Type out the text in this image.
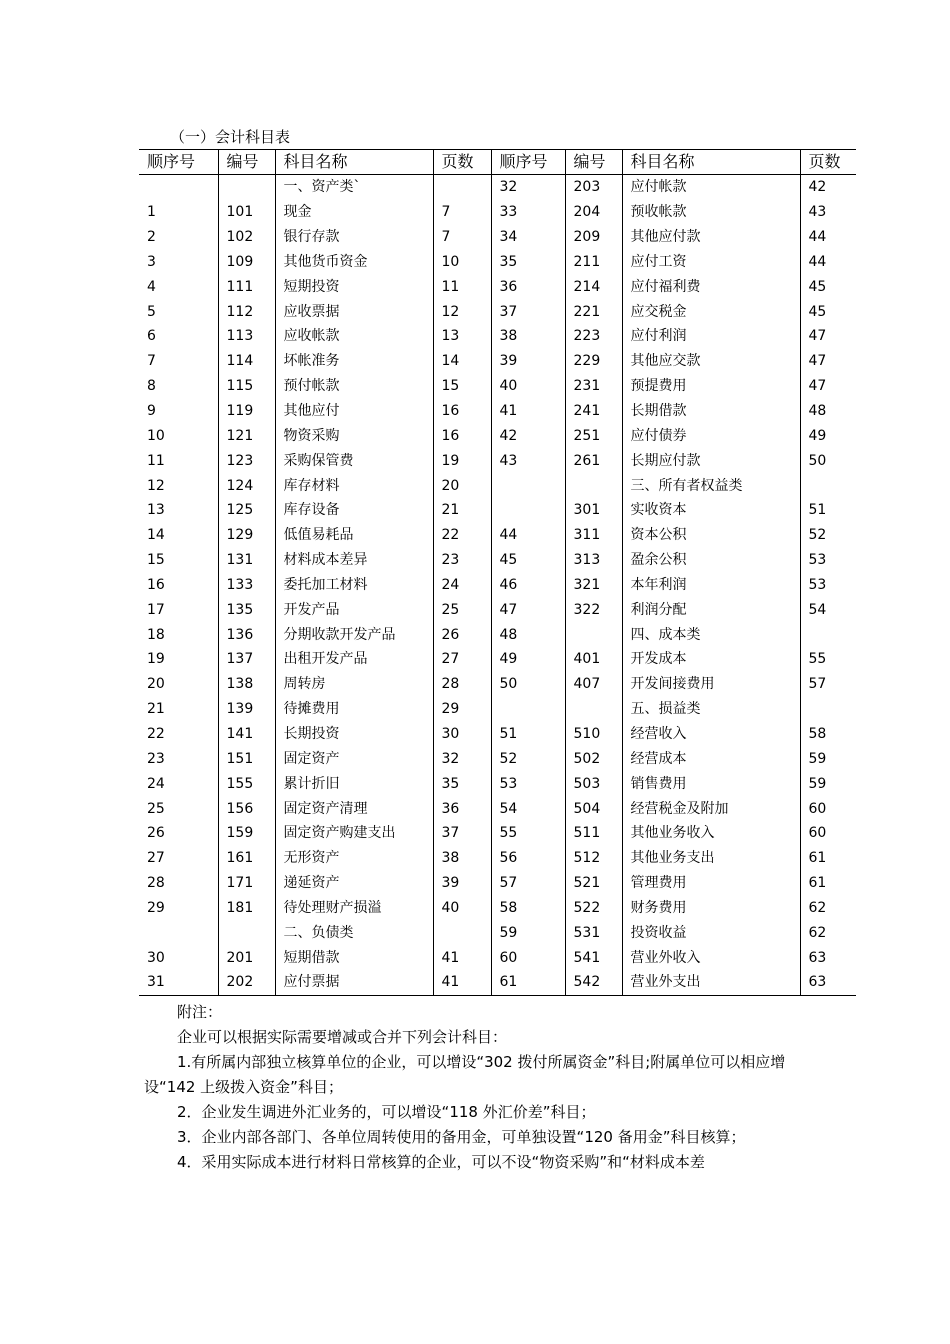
（一）会计科目表
顺序号	编号	科目名称	页数	顺序号	编号	科目名称	页数
		一、资产类`		32	203	应付帐款	42
1	101	现金	7	33	204	预收帐款	43
2	102	银行存款	7	34	209	其他应付款	44
3	109	其他货币资金	10	35	211	应付工资	44
4	111	短期投资	11	36	214	应付福利费	45
5	112	应收票据	12	37	221	应交税金	45
6	113	应收帐款	13	38	223	应付利润	47
7	114	坏帐准务	14	39	229	其他应交款	47
8	115	预付帐款	15	40	231	预提费用	47
9	119	其他应付	16	41	241	长期借款	48
10	121	物资采购	16	42	251	应付债券	49
11	123	采购保管费	19	43	261	长期应付款	50
12	124	库存材料	20			三、所有者权益类	
13	125	库存设备	21		301	实收资本	51
14	129	低值易耗品	22	44	311	资本公积	52
15	131	材料成本差异	23	45	313	盈余公积	53
16	133	委托加工材料	24	46	321	本年利润	53
17	135	开发产品	25	47	322	利润分配	54
18	136	分期收款开发产品	26	48		四、成本类	
19	137	出租开发产品	27	49	401	开发成本	55
20	138	周转房	28	50	407	开发间接费用	57
21	139	待摊费用	29			五、损益类	
22	141	长期投资	30	51	510	经营收入	58
23	151	固定资产	32	52	502	经营成本	59
24	155	累计折旧	35	53	503	销售费用	59
25	156	固定资产清理	36	54	504	经营税金及附加	60
26	159	固定资产购建支出	37	55	511	其他业务收入	60
27	161	无形资产	38	56	512	其他业务支出	61
28	171	递延资产	39	57	521	管理费用	61
29	181	待处理财产损溢	40	58	522	财务费用	62
		二、负债类		59	531	投资收益	62
30	201	短期借款	41	60	541	营业外收入	63
31	202	应付票据	41	61	542	营业外支出	63

附注：

企业可以根据实际需要增减或合并下列会计科目：

1.有所属内部独立核算单位的企业，可以增设“302 拨付所属资金”科目;附属单位可以相应增设“142 上级拨入资金”科目；

2．企业发生调进外汇业务的，可以增设“118 外汇价差”科目；

3．企业内部各部门、各单位周转使用的备用金，可单独设置“120 备用金”科目核算；

4．采用实际成本进行材料日常核算的企业，可以不设“物资采购”和“材料成本差
